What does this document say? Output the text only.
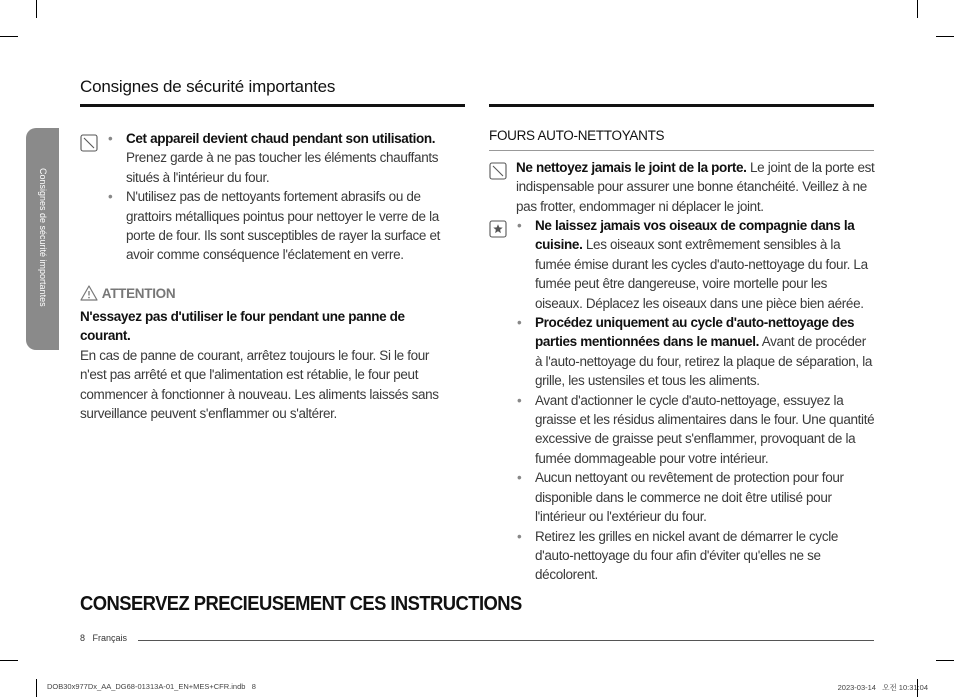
Consignes de sécurité importantes
Consignes de sécurité importantes
• Cet appareil devient chaud pendant son utilisation.
Prenez garde à ne pas toucher les éléments chauffants situés à l'intérieur du four.
• N'utilisez pas de nettoyants fortement abrasifs ou de grattoirs métalliques pointus pour nettoyer le verre de la porte de four. Ils sont susceptibles de rayer la surface et avoir comme conséquence l'éclatement en verre.
ATTENTION
N'essayez pas d'utiliser le four pendant une panne de courant.
En cas de panne de courant, arrêtez toujours le four. Si le four n'est pas arrêté et que l'alimentation est rétablie, le four peut commencer à fonctionner à nouveau. Les aliments laissés sans surveillance peuvent s'enflammer ou s'altérer.
FOURS AUTO-NETTOYANTS
Ne nettoyez jamais le joint de la porte. Le joint de la porte est indispensable pour assurer une bonne étanchéité. Veillez à ne pas frotter, endommager ni déplacer le joint.
• Ne laissez jamais vos oiseaux de compagnie dans la cuisine. Les oiseaux sont extrêmement sensibles à la fumée émise durant les cycles d'auto-nettoyage du four. La fumée peut être dangereuse, voire mortelle pour les oiseaux. Déplacez les oiseaux dans une pièce bien aérée.
• Procédez uniquement au cycle d'auto-nettoyage des parties mentionnées dans le manuel. Avant de procéder à l'auto-nettoyage du four, retirez la plaque de séparation, la grille, les ustensiles et tous les aliments.
• Avant d'actionner le cycle d'auto-nettoyage, essuyez la graisse et les résidus alimentaires dans le four. Une quantité excessive de graisse peut s'enflammer, provoquant de la fumée dommageable pour votre intérieur.
• Aucun nettoyant ou revêtement de protection pour four disponible dans le commerce ne doit être utilisé pour l'intérieur ou l'extérieur du four.
• Retirez les grilles en nickel avant de démarrer le cycle d'auto-nettoyage du four afin d'éviter qu'elles ne se décolorent.
CONSERVEZ PRECIEUSEMENT CES INSTRUCTIONS
8 Français
DOB30x977Dx_AA_DG68-01313A-01_EN+MES+CFR.indb   8	2023-03-14   오전 10:31:04
